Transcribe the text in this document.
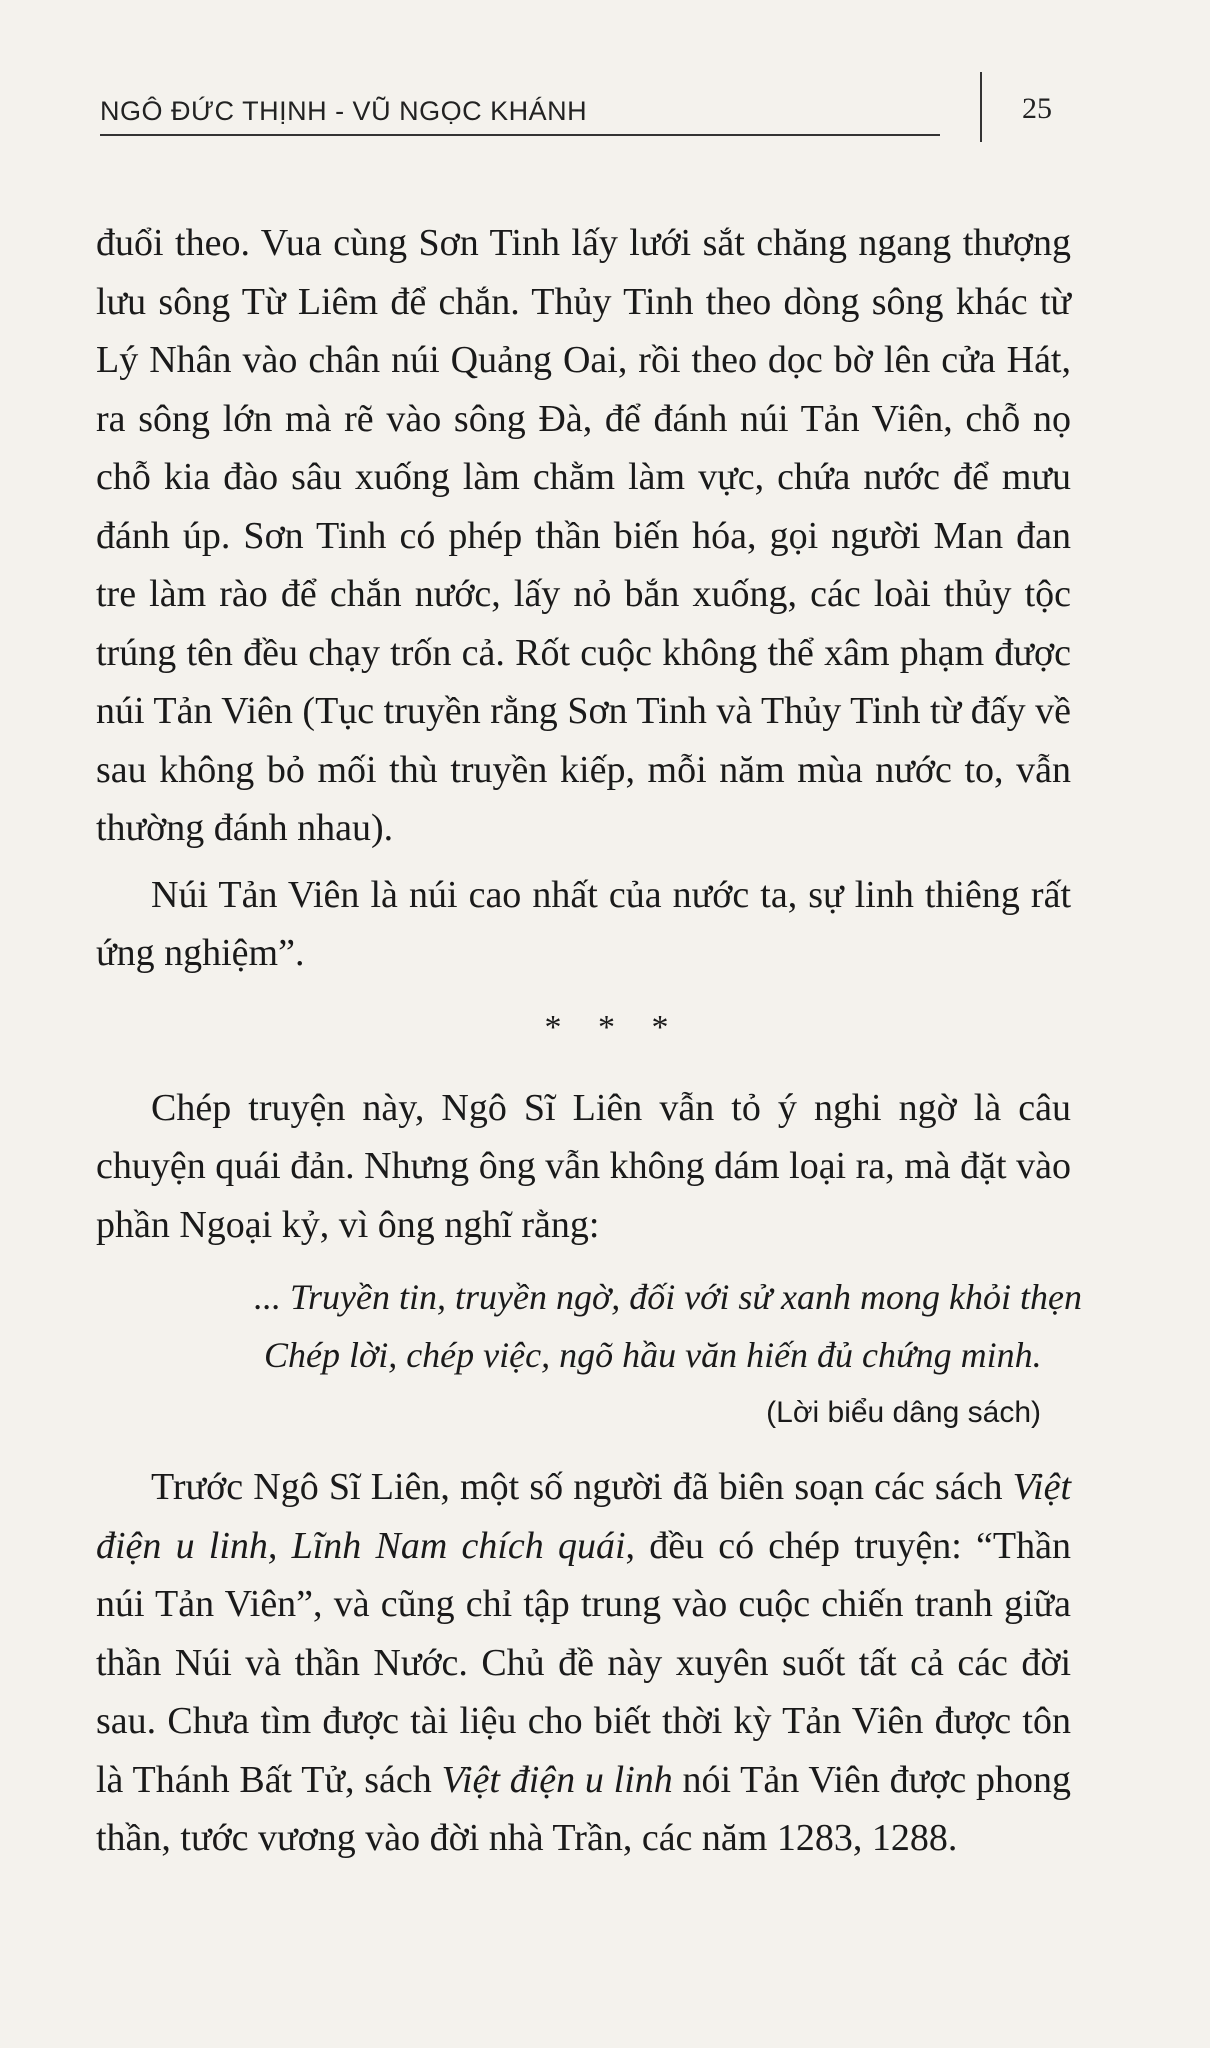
NGÔ ĐỨC THỊNH - VŨ NGỌC KHÁNH	25

đuổi theo. Vua cùng Sơn Tinh lấy lưới sắt chăng ngang thượng lưu sông Từ Liêm để chắn. Thủy Tinh theo dòng sông khác từ Lý Nhân vào chân núi Quảng Oai, rồi theo dọc bờ lên cửa Hát, ra sông lớn mà rẽ vào sông Đà, để đánh núi Tản Viên, chỗ nọ chỗ kia đào sâu xuống làm chằm làm vực, chứa nước để mưu đánh úp. Sơn Tinh có phép thần biến hóa, gọi người Man đan tre làm rào để chắn nước, lấy nỏ bắn xuống, các loài thủy tộc trúng tên đều chạy trốn cả. Rốt cuộc không thể xâm phạm được núi Tản Viên (Tục truyền rằng Sơn Tinh và Thủy Tinh từ đấy về sau không bỏ mối thù truyền kiếp, mỗi năm mùa nước to, vẫn thường đánh nhau).

Núi Tản Viên là núi cao nhất của nước ta, sự linh thiêng rất ứng nghiệm”.

* * *

Chép truyện này, Ngô Sĩ Liên vẫn tỏ ý nghi ngờ là câu chuyện quái đản. Nhưng ông vẫn không dám loại ra, mà đặt vào phần Ngoại kỷ, vì ông nghĩ rằng:

... Truyền tin, truyền ngờ, đối với sử xanh mong khỏi thẹn

Chép lời, chép việc, ngõ hầu văn hiến đủ chứng minh.

(Lời biểu dâng sách)

Trước Ngô Sĩ Liên, một số người đã biên soạn các sách Việt điện u linh, Lĩnh Nam chích quái, đều có chép truyện: “Thần núi Tản Viên”, và cũng chỉ tập trung vào cuộc chiến tranh giữa thần Núi và thần Nước. Chủ đề này xuyên suốt tất cả các đời sau. Chưa tìm được tài liệu cho biết thời kỳ Tản Viên được tôn là Thánh Bất Tử, sách Việt điện u linh nói Tản Viên được phong thần, tước vương vào đời nhà Trần, các năm 1283, 1288.
